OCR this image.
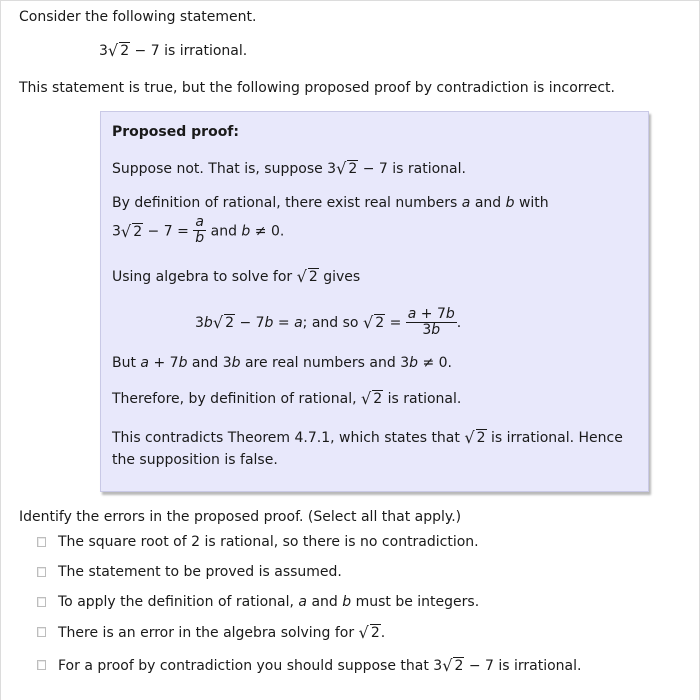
Consider the following statement.
3√ 2 − 7 is irrational.
This statement is true, but the following proposed proof by contradiction is incorrect.
Proposed proof:
Suppose not. That is, suppose 3√ 2 − 7 is rational.
By definition of rational, there exist real numbers a and b with
3√ $2 - 7 = \frac{a}{b}$ and b ≠ 0.
Using algebra to solve for √ 2 gives
3b√ 2 − 7b = a; and so √ $2 = \frac{a + 7b}{3b}$ .
But a + 7b and 3b are real numbers and 3b ≠ 0.
Therefore, by definition of rational, √ 2 is rational.
This contradicts Theorem 4.7.1, which states that √ 2 is irrational. Hence
the supposition is false.
Identify the errors in the proposed proof. (Select all that apply.)
The square root of 2 is rational, so there is no contradiction.
The statement to be proved is assumed.
To apply the definition of rational, a and b must be integers.
There is an error in the algebra solving for √ 2.
For a proof by contradiction you should suppose that 3√ 2 − 7 is irrational.
